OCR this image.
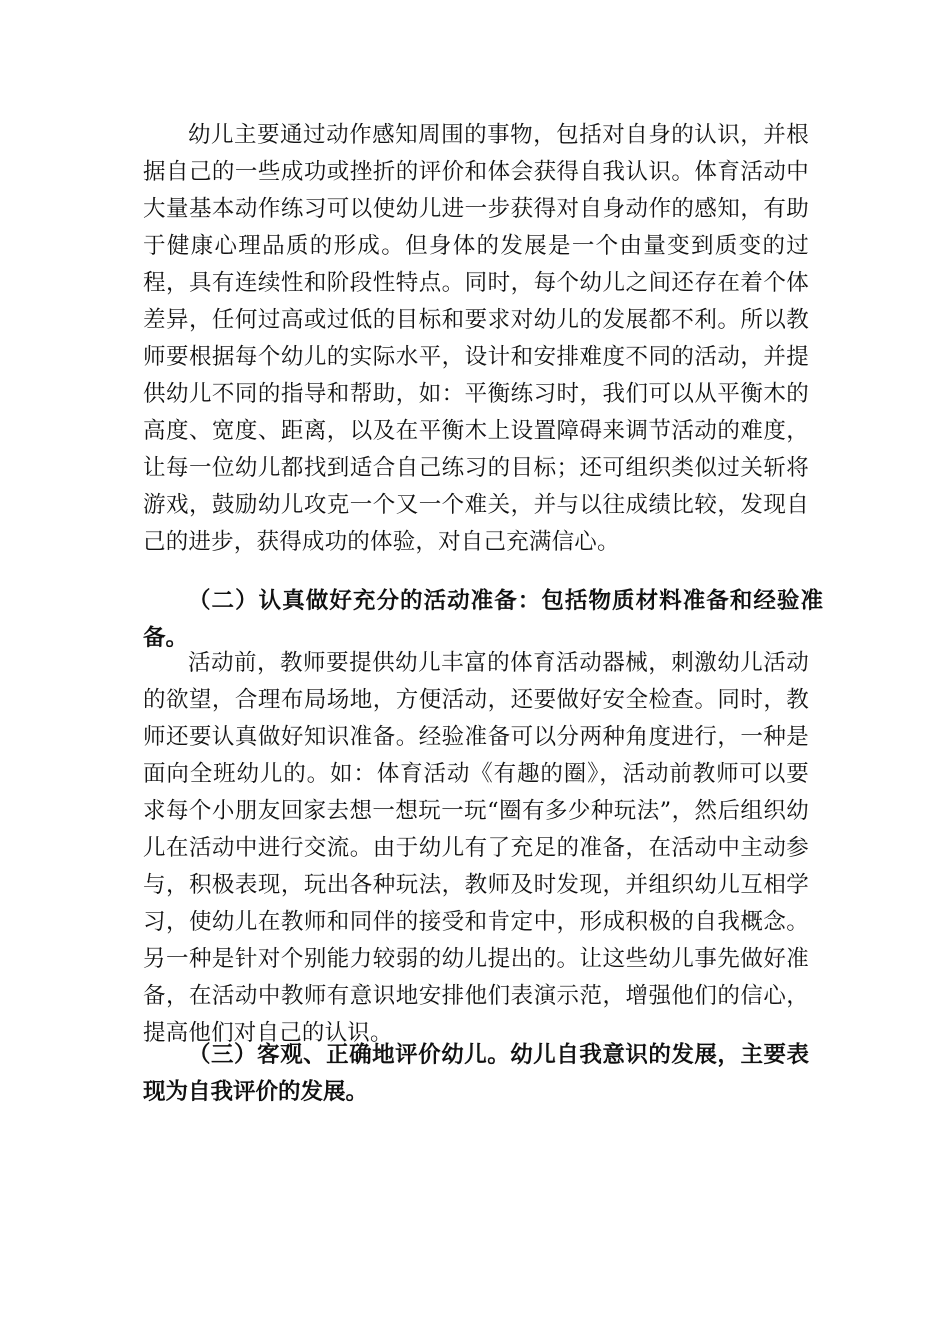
幼儿主要通过动作感知周围的事物，包括对自身的认识，并根据自己的一些成功或挫折的评价和体会获得自我认识。体育活动中大量基本动作练习可以使幼儿进一步获得对自身动作的感知，有助于健康心理品质的形成。但身体的发展是一个由量变到质变的过程，具有连续性和阶段性特点。同时，每个幼儿之间还存在着个体差异，任何过高或过低的目标和要求对幼儿的发展都不利。所以教师要根据每个幼儿的实际水平，设计和安排难度不同的活动，并提供幼儿不同的指导和帮助，如：平衡练习时，我们可以从平衡木的高度、宽度、距离，以及在平衡木上设置障碍来调节活动的难度，让每一位幼儿都找到适合自己练习的目标；还可组织类似过关斩将游戏，鼓励幼儿攻克一个又一个难关，并与以往成绩比较，发现自己的进步，获得成功的体验，对自己充满信心。

（二）认真做好充分的活动准备：包括物质材料准备和经验准备。

活动前，教师要提供幼儿丰富的体育活动器械，刺激幼儿活动的欲望，合理布局场地，方便活动，还要做好安全检查。同时，教师还要认真做好知识准备。经验准备可以分两种角度进行，一种是面向全班幼儿的。如：体育活动《有趣的圈》，活动前教师可以要求每个小朋友回家去想一想玩一玩“圈有多少种玩法”，然后组织幼儿在活动中进行交流。由于幼儿有了充足的准备，在活动中主动参与，积极表现，玩出各种玩法，教师及时发现，并组织幼儿互相学习，使幼儿在教师和同伴的接受和肯定中，形成积极的自我概念。另一种是针对个别能力较弱的幼儿提出的。让这些幼儿事先做好准备，在活动中教师有意识地安排他们表演示范，增强他们的信心，提高他们对自己的认识。

（三）客观、正确地评价幼儿。幼儿自我意识的发展，主要表现为自我评价的发展。
